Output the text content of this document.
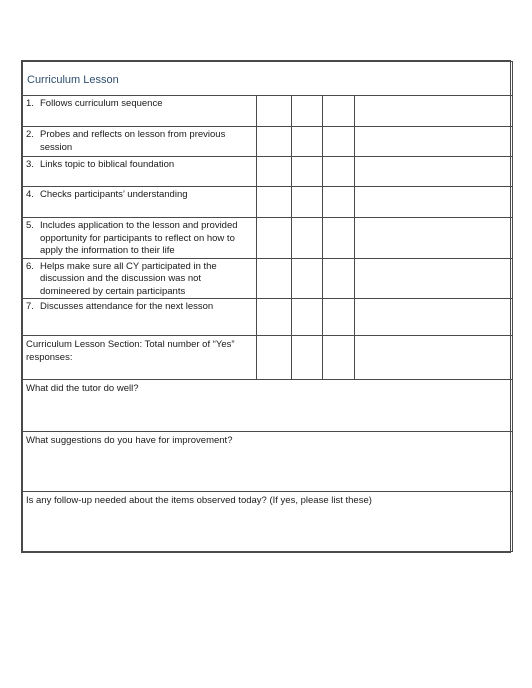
Curriculum Lesson				
1. Follows curriculum sequence				
2. Probes and reflects on lesson from previous session				
3. Links topic to biblical foundation				
4. Checks participants’ understanding				
5. Includes application to the lesson and provided opportunity for participants to reflect on how to apply the information to their life				
6. Helps make sure all CY participated in the discussion and the discussion was not domineered by certain participants				
7. Discusses attendance for the next lesson				
Curriculum Lesson Section: Total number of “Yes” responses:				
What did the tutor do well?				
What suggestions do you have for improvement?				
Is any follow-up needed about the items observed today? (If yes, please list these)				
